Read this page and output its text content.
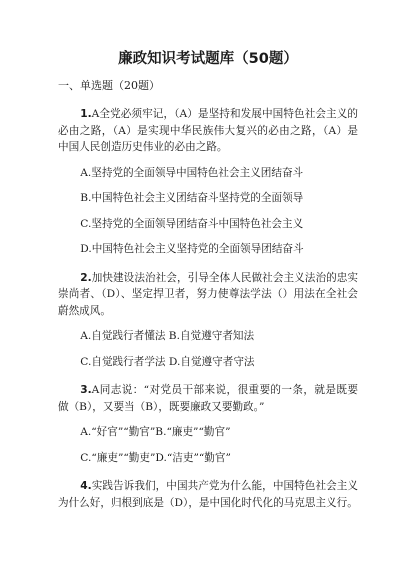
廉政知识考试题库（50题）
一、单选题（20题）

1.A全党必须牢记，（A）是坚持和发展中国特色社会主义的必由之路，（A）是实现中华民族伟大复兴的必由之路，（A）是中国人民创造历史伟业的必由之路。

A.坚持党的全面领导中国特色社会主义团结奋斗
B.中国特色社会主义团结奋斗坚持党的全面领导
C.坚持党的全面领导团结奋斗中国特色社会主义
D.中国特色社会主义坚持党的全面领导团结奋斗

2.加快建设法治社会，引导全体人民做社会主义法治的忠实崇尚者、（D）、坚定捍卫者，努力使尊法学法（）用法在全社会蔚然成风。

A.自觉践行者懂法 B.自觉遵守者知法
C.自觉践行者学法 D.自觉遵守者守法

3.A同志说：“对党员干部来说，很重要的一条，就是既要做（B），又要当（B），既要廉政又要勤政。”

A.“好官”“勤官”B.“廉吏”“勤官”
C.“廉吏”“勤吏”D.“洁吏”“勤官”

4.实践告诉我们，中国共产党为什么能，中国特色社会主义为什么好，归根到底是（D），是中国化时代化的马克思主义行。
